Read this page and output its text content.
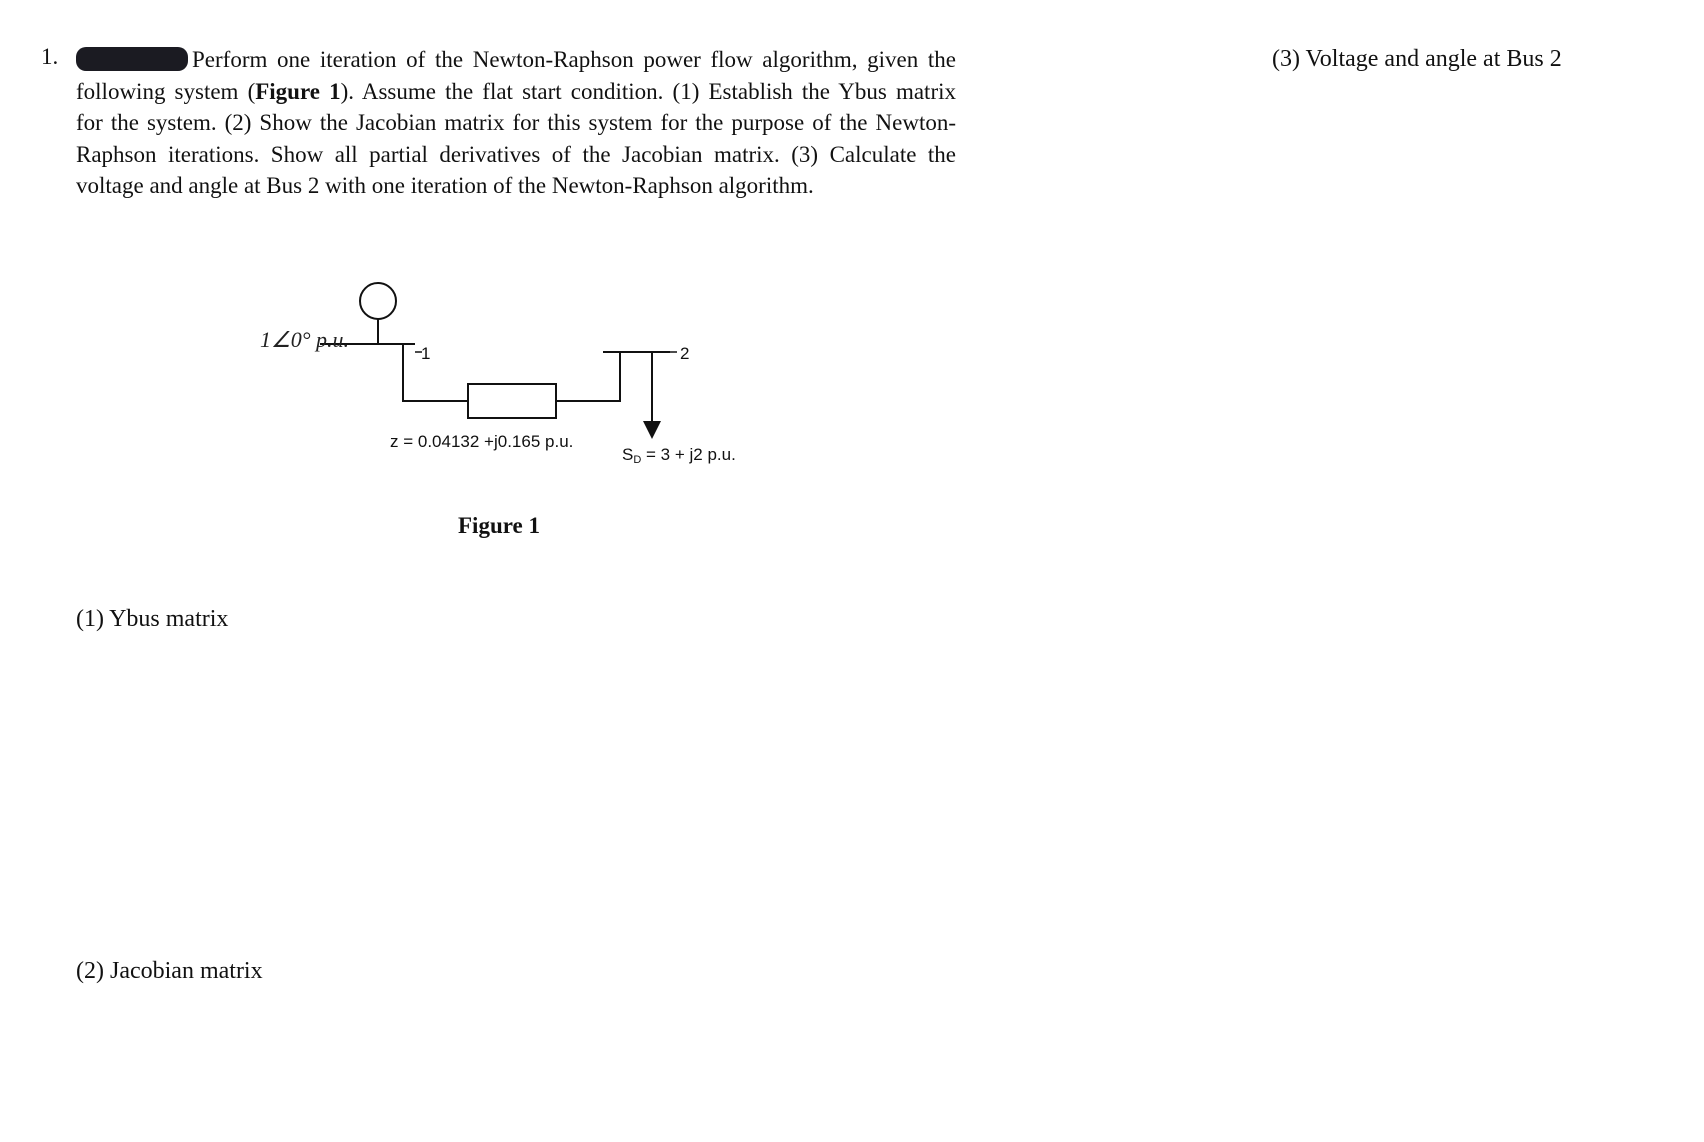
1.	Perform one iteration of the Newton-Raphson power flow algorithm, given the
following system (Figure 1). Assume the flat start condition. (1) Establish the Ybus matrix
for the system. (2) Show the Jacobian matrix for this system for the purpose of the Newton-
Raphson iterations. Show all partial derivatives of the Jacobian matrix. (3) Calculate the
voltage and angle at Bus 2 with one iteration of the Newton-Raphson algorithm.
(3) Voltage and angle at Bus 2
1∠0° p.u.
1	2
z = 0.04132 +j0.165 p.u.
SD = 3 + j2 p.u.
Figure 1
(1) Ybus matrix
(2) Jacobian matrix
